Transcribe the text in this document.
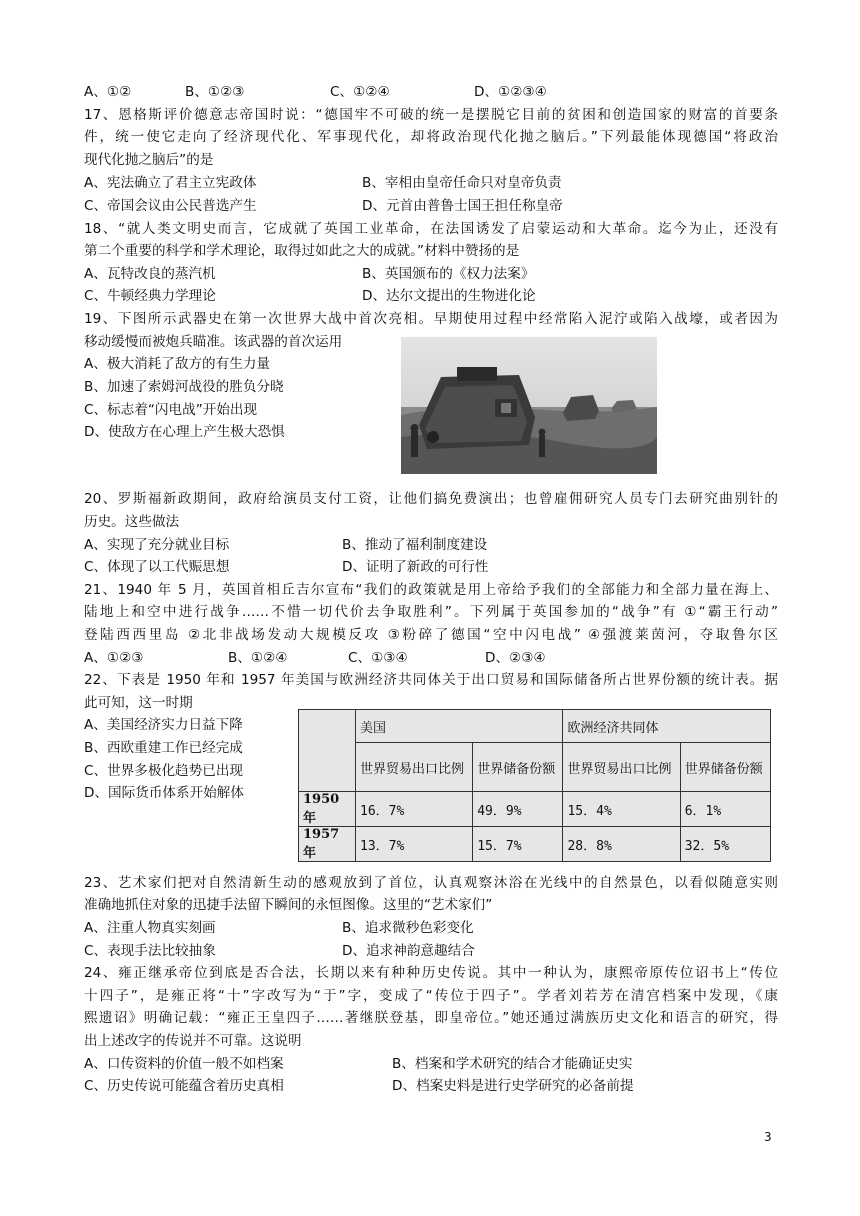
A、①②	B、①②③	C、①②④	D、①②③④
17、恩格斯评价德意志帝国时说：“德国牢不可破的统一是摆脱它目前的贫困和创造国家的财富的首要条
件，统一使它走向了经济现代化、军事现代化，却将政治现代化抛之脑后。”下列最能体现德国“将政治
现代化抛之脑后”的是
A、宪法确立了君主立宪政体	B、宰相由皇帝任命只对皇帝负责
C、帝国会议由公民普选产生	D、元首由普鲁士国王担任称皇帝
18、“就人类文明史而言，它成就了英国工业革命，在法国诱发了启蒙运动和大革命。迄今为止，还没有
第二个重要的科学和学术理论，取得过如此之大的成就。”材料中赞扬的是
A、瓦特改良的蒸汽机	B、英国颁布的《权力法案》
C、牛顿经典力学理论	D、达尔文提出的生物进化论
19、下图所示武器史在第一次世界大战中首次亮相。早期使用过程中经常陷入泥泞或陷入战壕，或者因为
移动缓慢而被炮兵瞄准。该武器的首次运用
A、极大消耗了敌方的有生力量
B、加速了索姆河战役的胜负分晓
C、标志着“闪电战”开始出现
D、使敌方在心理上产生极大恐惧
20、罗斯福新政期间，政府给演员支付工资，让他们搞免费演出；也曾雇佣研究人员专门去研究曲别针的
历史。这些做法
A、实现了充分就业目标	B、推动了福利制度建设
C、体现了以工代赈思想	D、证明了新政的可行性
21、1940 年 5 月，英国首相丘吉尔宣布“我们的政策就是用上帝给予我们的全部能力和全部力量在海上、
陆地上和空中进行战争……不惜一切代价去争取胜利”。下列属于英国参加的“战争”有 ①“霸王行动”
登陆西西里岛 ②北非战场发动大规模反攻 ③粉碎了德国“空中闪电战” ④强渡莱茵河，夺取鲁尔区
A、①②③	B、①②④	C、①③④	D、②③④
22、下表是 1950 年和 1957 年美国与欧洲经济共同体关于出口贸易和国际储备所占世界份额的统计表。据
此可知，这一时期
A、美国经济实力日益下降
B、西欧重建工作已经完成
C、世界多极化趋势已出现
D、国际货币体系开始解体
	美国		欧洲经济共同体	
	世界贸易出口比例	世界储备份额	世界贸易出口比例	世界储备份额
1950 年	16．7%	49．9%	15．4%	6．1%
1957 年	13．7%	15．7%	28．8%	32．5%
23、艺术家们把对自然清新生动的感观放到了首位，认真观察沐浴在光线中的自然景色，以看似随意实则
准确地抓住对象的迅捷手法留下瞬间的永恒图像。这里的“艺术家们”
A、注重人物真实刻画	B、追求微秒色彩变化
C、表现手法比较抽象	D、追求神韵意趣结合
24、雍正继承帝位到底是否合法，长期以来有种种历史传说。其中一种认为，康熙帝原传位诏书上“传位
十四子”，是雍正将“十”字改写为“于”字，变成了“传位于四子”。学者刘若芳在清宫档案中发现，《康
熙遗诏》明确记载：“雍正王皇四子……著继朕登基，即皇帝位。”她还通过满族历史文化和语言的研究，得
出上述改字的传说并不可靠。这说明
A、口传资料的价值一般不如档案	B、档案和学术研究的结合才能确证史实
C、历史传说可能蕴含着历史真相	D、档案史料是进行史学研究的必备前提
3
